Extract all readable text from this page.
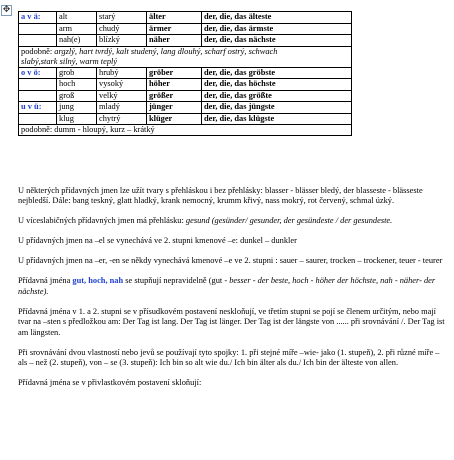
✥
a v ä:	alt	starý	älter	der, die, das älteste
	arm	chudý	ärmer	der, die, das ärmste
	nah(e)	blízký	näher	der, die, das nächste
podobně: argzlý, hart tvrdý, kalt studený, lang dlouhý, scharf ostrý, schwach
slabý,stark silný, warm teplý				
o v ö:	grob	hrubý	gröber	der, die, das gröbste
	hoch	vysoký	höher	der, die, das höchste
	groß	velký	größer	der, die, das größte
u v ü:	jung	mladý	jünger	der, die, das jüngste
	klug	chytrý	klüger	der, die, das klügste
podobně: dumm - hloupý, kurz – krátký				

U některých přídavných jmen lze užít tvary s přehláskou i bez přehlásky: blasser - blässer bledý, der blasseste - blässeste nejbledší. Dále: bang teskný, glatt hladký, krank nemocný, krumm křivý, nass mokrý, rot červený, schmal úzký.

U víceslabičných přídavných jmen má přehlásku: gesund (gesünder/ gesunder, der gesündeste / der gesundeste.

U přídavných jmen na –el se vynechává ve 2. stupni kmenové –e: dunkel – dunkler

U přídavných jmen na –er, -en se někdy vynechává kmenové –e ve 2. stupni : sauer – saurer, trocken – trockener, teuer - teurer

Přídavná jména gut, hoch, nah se stupňují nepravidelně (gut - besser - der beste, hoch - höher der höchste, nah - näher- der nächste).

Přídavná jména v 1. a 2. stupni se v přísudkovém postavení neskloňují, ve třetím stupni se pojí se členem určitým, nebo mají tvar na –sten s předložkou am: Der Tag ist lang. Der Tag ist länger. Der Tag ist der längste von ...... při srovnávání /. Der Tag ist am längsten.

Při srovnávání dvou vlastností nebo jevů se používají tyto spojky: 1. při stejné míře –wie- jako (1. stupeň), 2. při různé míře – als – než (2. stupeň), von – se (3. stupeň): Ich bin so alt wie du./ Ich bin älter als du./ Ich bin der älteste von allen.

Přídavná jména se v přivlastkovém postavení skloňují:
